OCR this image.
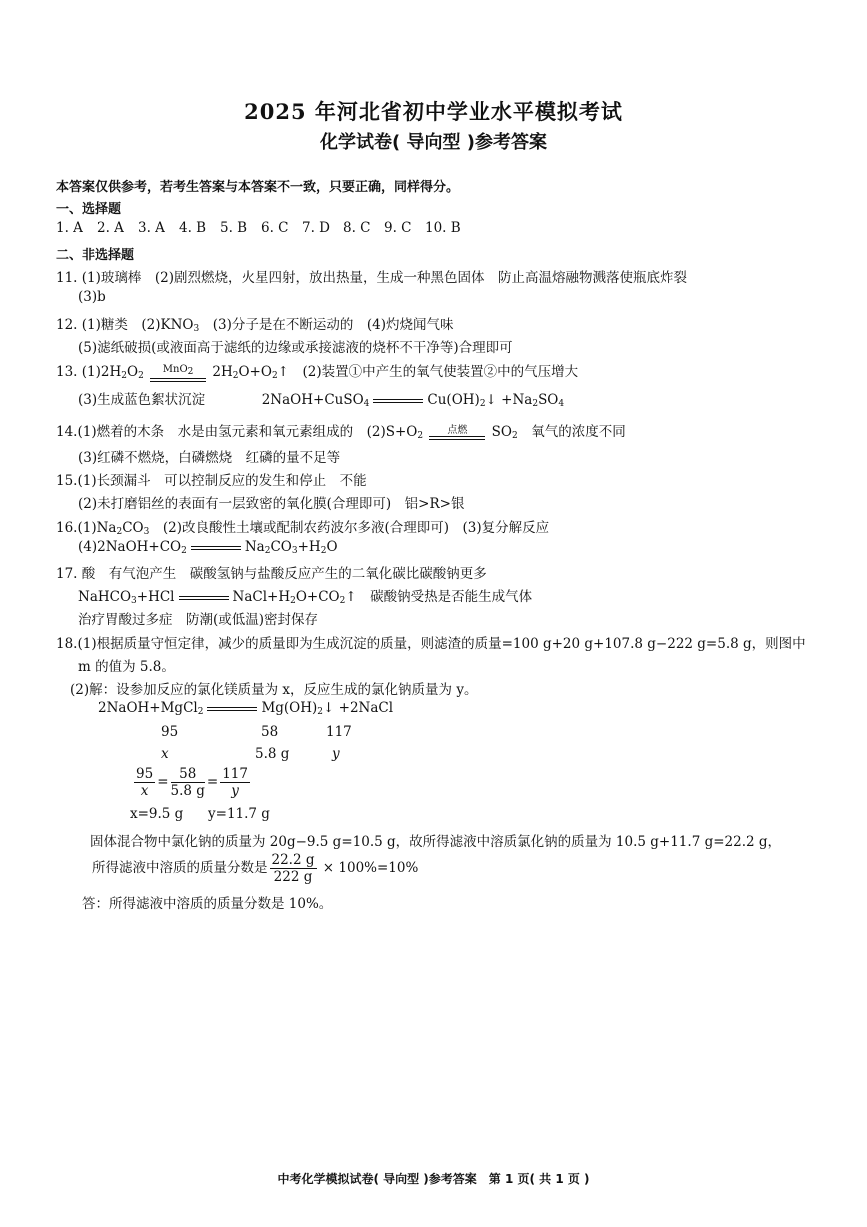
2025 年河北省初中学业水平模拟考试
化学试卷( 导向型 )参考答案
本答案仅供参考，若考生答案与本答案不一致，只要正确，同样得分。
一、选择题
1. A	2. A	3. A	4. B	5. B	6. C 7. D 8. C 9. C 10. B
二、非选择题
11. (1)玻璃棒　(2)剧烈燃烧，火星四射，放出热量，生成一种黑色固体　防止高温熔融物溅落使瓶底炸裂
(3)b
12. (1)糖类　$(2)KNO_3$　(3)分子是在不断运动的　(4)灼烧闻气味
(5)滤纸破损(或液面高于滤纸的边缘或承接滤液的烧杯不干净等)合理即可
13. $(1)2H_2O_2$
MnO2	$2H_2O+O_2↑$　(2)装置①中产生的氧气使装置②中的气压增大
(3)生成蓝色絮状沉淀	2NaOH+CuSO$_4$	$Cu(OH)_2↓ +Na_2SO_4$
14.(1)燃着的木条　水是由氢元素和氧元素组成的　$(2)S+O_2$	点燃	$SO_2$　氧气的浓度不同
(3)红磷不燃烧，白磷燃烧　红磷的量不足等
15.(1)长颈漏斗　可以控制反应的发生和停止　不能
(2)未打磨铝丝的表面有一层致密的氧化膜(合理即可)　铝>R>银
$16.(1)Na_2CO_3$　(2)改良酸性土壤或配制农药波尔多液(合理即可)　(3)复分解反应
$(4)2NaOH+CO_2$	$Na_2CO_3+H_2O$
17. 酸　有气泡产生　碳酸氢钠与盐酸反应产生的二氧化碳比碳酸钠更多
NaHCO$_3$+HCl	$NaCl+H_2O+CO_2↑$　碳酸钠受热是否能生成气体
治疗胃酸过多症　防潮(或低温)密封保存
18.(1)根据质量守恒定律，减少的质量即为生成沉淀的质量，则滤渣的质量=100 g+20 g+107.8 g−222 g=5.8 g，则图中
m 的值为 5.8。
(2)解：设参加反应的氯化镁质量为 x，反应生成的氯化钠质量为 y。
2NaOH+MgCl$_2$	$Mg(OH)_2↓$ +2NaCl
95	58	117
x	5.8 g	y
$\frac{95}{x} = \frac{58}{5.8 g} = \frac{117}{y}$
x=9.5 g y=11.7 g
固体混合物中氯化钠的质量为 20g−9.5 g=10.5 g，故所得滤液中溶质氯化钠的质量为 10.5 g+11.7 g=22.2 g，
所得滤液中溶质的质量分数是 $\frac{22.2 g}{222 g} \times 100\%=10\%$
答：所得滤液中溶质的质量分数是 10%。
中考化学模拟试卷( 导向型 )参考答案　第 1 页( 共 1 页 )
